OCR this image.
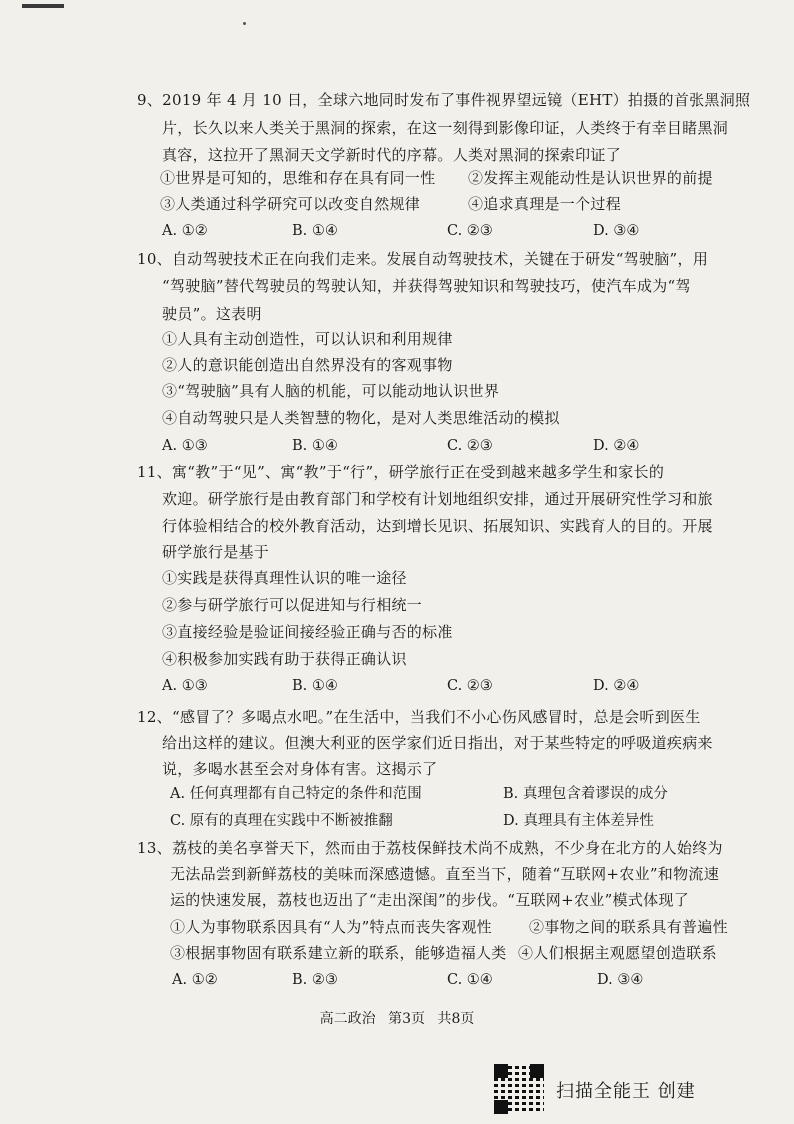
9、2019 年 4 月 10 日，全球六地同时发布了事件视界望远镜（EHT）拍摄的首张黑洞照
片，长久以来人类关于黑洞的探索，在这一刻得到影像印证，人类终于有幸目睹黑洞
真容，这拉开了黑洞天文学新时代的序幕。人类对黑洞的探索印证了
①世界是可知的，思维和存在具有同一性 ②发挥主观能动性是认识世界的前提
③人类通过科学研究可以改变自然规律	④追求真理是一个过程
A. ①②	B. ①④	C. ②③	D. ③④
10、自动驾驶技术正在向我们走来。发展自动驾驶技术，关键在于研发“驾驶脑”，用
“驾驶脑”替代驾驶员的驾驶认知，并获得驾驶知识和驾驶技巧，使汽车成为“驾
驶员”。这表明
①人具有主动创造性，可以认识和利用规律
②人的意识能创造出自然界没有的客观事物
③“驾驶脑”具有人脑的机能，可以能动地认识世界
④自动驾驶只是人类智慧的物化，是对人类思维活动的模拟
A. ①③	B. ①④	C. ②③	D. ②④
11、寓“教”于“见”、寓“教”于“行”，研学旅行正在受到越来越多学生和家长的
欢迎。研学旅行是由教育部门和学校有计划地组织安排，通过开展研究性学习和旅
行体验相结合的校外教育活动，达到增长见识、拓展知识、实践育人的目的。开展
研学旅行是基于
①实践是获得真理性认识的唯一途径
②参与研学旅行可以促进知与行相统一
③直接经验是验证间接经验正确与否的标准
④积极参加实践有助于获得正确认识
A. ①③	B. ①④	C. ②③	D. ②④
12、“感冒了？多喝点水吧。”在生活中，当我们不小心伤风感冒时，总是会听到医生
给出这样的建议。但澳大利亚的医学家们近日指出，对于某些特定的呼吸道疾病来
说，多喝水甚至会对身体有害。这揭示了
A. 任何真理都有自己特定的条件和范围	B. 真理包含着谬误的成分
C. 原有的真理在实践中不断被推翻	D. 真理具有主体差异性
13、荔枝的美名享誉天下，然而由于荔枝保鲜技术尚不成熟，不少身在北方的人始终为
无法品尝到新鲜荔枝的美味而深感遗憾。直至当下，随着“互联网+农业”和物流速
运的快速发展，荔枝也迈出了“走出深闺”的步伐。“互联网+农业”模式体现了
①人为事物联系因具有“人为”特点而丧失客观性 ②事物之间的联系具有普遍性
③根据事物固有联系建立新的联系，能够造福人类 ④人们根据主观愿望创造联系
A. ①②	B. ②③	C. ①④	D. ③④
高二政治 第3页 共8页
扫描全能王 创建
